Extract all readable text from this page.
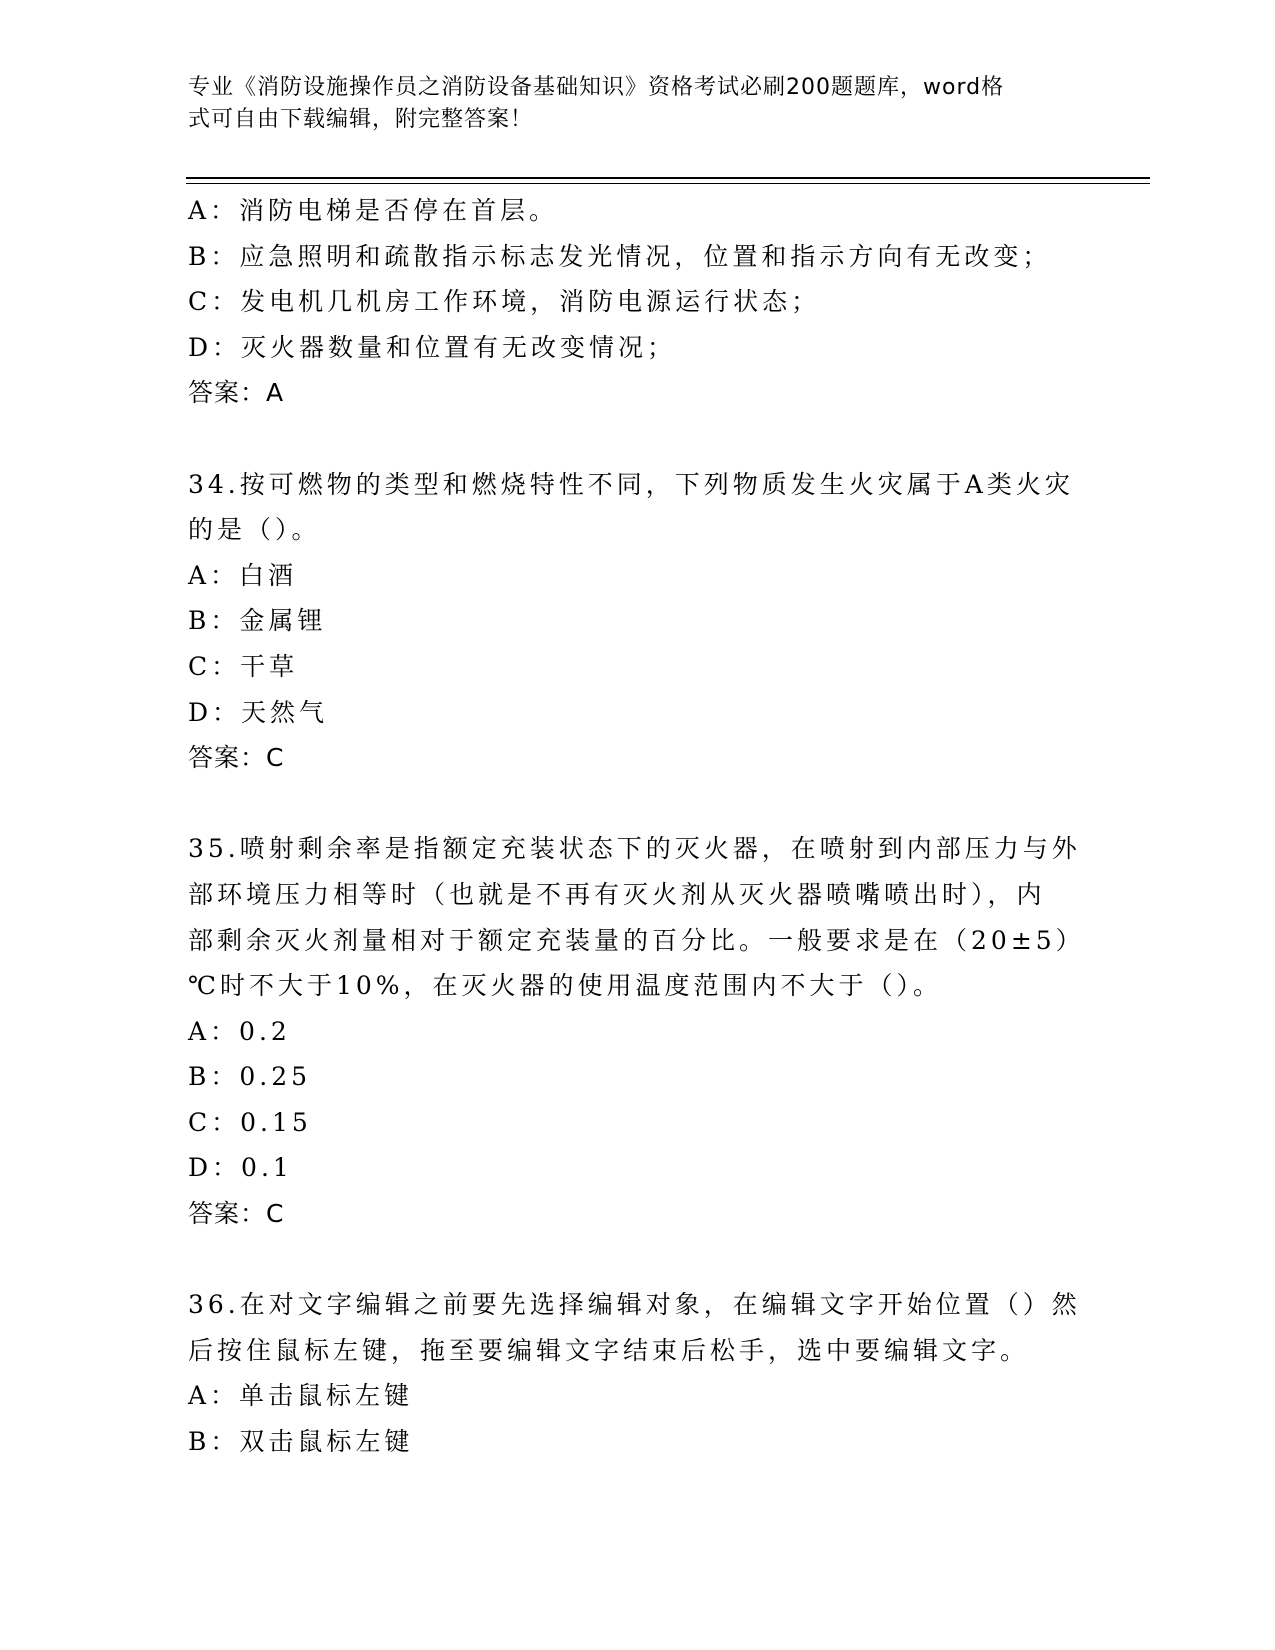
专业《消防设施操作员之消防设备基础知识》资格考试必刷200题题库，word格
式可自由下载编辑，附完整答案！
A：消防电梯是否停在首层。
B：应急照明和疏散指示标志发光情况，位置和指示方向有无改变；
C：发电机几机房工作环境，消防电源运行状态；
D：灭火器数量和位置有无改变情况；
答案：A
34.按可燃物的类型和燃烧特性不同，下列物质发生火灾属于A类火灾
的是（）。
A：白酒
B：金属锂
C：干草
D：天然气
答案：C
35.喷射剩余率是指额定充装状态下的灭火器，在喷射到内部压力与外
部环境压力相等时（也就是不再有灭火剂从灭火器喷嘴喷出时），内
部剩余灭火剂量相对于额定充装量的百分比。一般要求是在（20±5）
℃时不大于10%，在灭火器的使用温度范围内不大于（）。
A：0.2
B：0.25
C：0.15
D：0.1
答案：C
36.在对文字编辑之前要先选择编辑对象，在编辑文字开始位置（）然
后按住鼠标左键，拖至要编辑文字结束后松手，选中要编辑文字。
A：单击鼠标左键
B：双击鼠标左键
